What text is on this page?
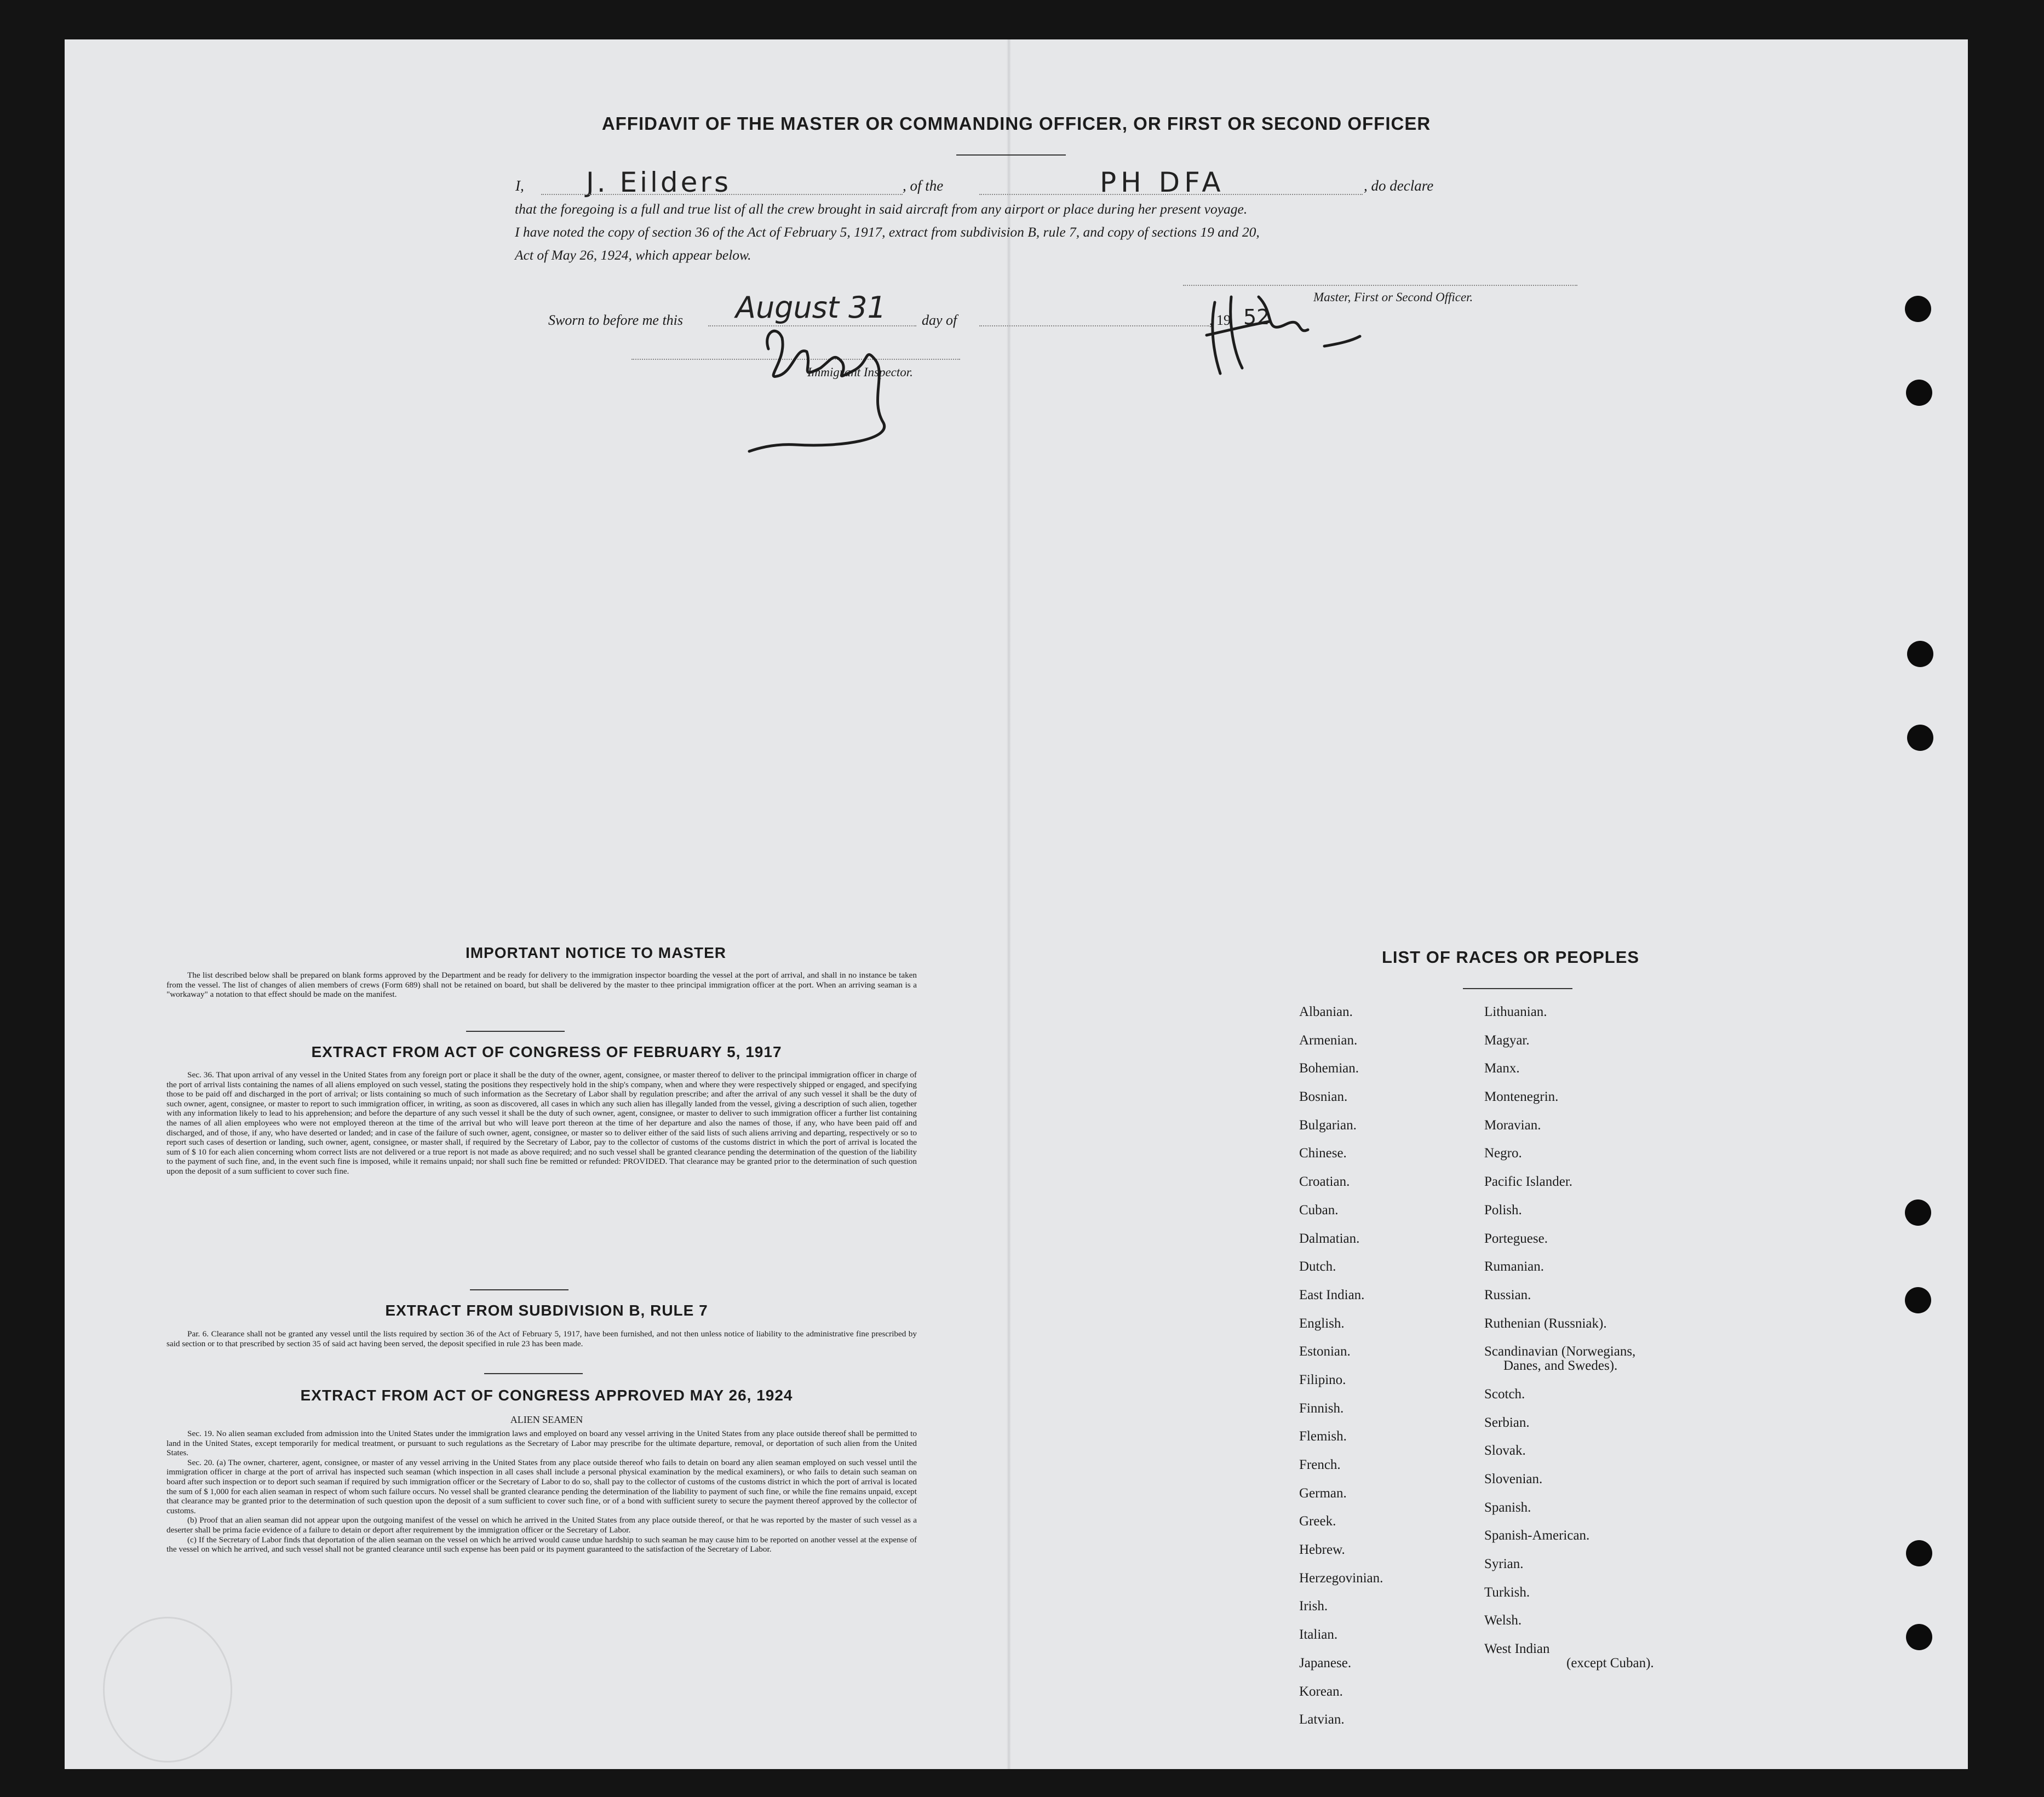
AFFIDAVIT OF THE MASTER OR COMMANDING OFFICER, OR FIRST OR SECOND OFFICER
I, J. Eilders	, of the	PH DFA	, do declare
that the foregoing is a full and true list of all the crew brought in said aircraft from any airport or place during her present voyage.
I have noted the copy of section 36 of the Act of February 5, 1917, extract from subdivision B, rule 7, and copy of sections 19 and 20,
Act of May 26, 1924, which appear below.
Master, First or Second Officer.
Sworn to before me this August 31	day of	, 19 52
Immigrant Inspector.
IMPORTANT NOTICE TO MASTER

The list described below shall be prepared on blank forms approved by the Department and be ready for delivery to the immigration inspector boarding the vessel at the port of arrival, and shall in no instance be taken from the vessel. The list of changes of alien members of crews (Form 689) shall not be retained on board, but shall be delivered by the master to thee principal immigration officer at the port. When an arriving seaman is a "workaway" a notation to that effect should be made on the manifest.

EXTRACT FROM ACT OF CONGRESS OF FEBRUARY 5, 1917

Sec. 36. That upon arrival of any vessel in the United States from any foreign port or place it shall be the duty of the owner, agent, consignee, or master thereof to deliver to the principal immigration officer in charge of the port of arrival lists containing the names of all aliens employed on such vessel, stating the positions they respectively hold in the ship's company, when and where they were respectively shipped or engaged, and specifying those to be paid off and discharged in the port of arrival; or lists containing so much of such information as the Secretary of Labor shall by regulation prescribe; and after the arrival of any such vessel it shall be the duty of such owner, agent, consignee, or master to report to such immigration officer, in writing, as soon as discovered, all cases in which any such alien has illegally landed from the vessel, giving a description of such alien, together with any information likely to lead to his apprehension; and before the departure of any such vessel it shall be the duty of such owner, agent, consignee, or master to deliver to such immigration officer a further list containing the names of all alien employees who were not employed thereon at the time of the arrival but who will leave port thereon at the time of her departure and also the names of those, if any, who have been paid off and discharged, and of those, if any, who have deserted or landed; and in case of the failure of such owner, agent, consignee, or master so to deliver either of the said lists of such aliens arriving and departing, respectively or so to report such cases of desertion or landing, such owner, agent, consignee, or master shall, if required by the Secretary of Labor, pay to the collector of customs of the customs district in which the port of arrival is located the sum of $ 10 for each alien concerning whom correct lists are not delivered or a true report is not made as above required; and no such vessel shall be granted clearance pending the determination of the question of the liability to the payment of such fine, and, in the event such fine is imposed, while it remains unpaid; nor shall such fine be remitted or refunded: PROVIDED. That clearance may be granted prior to the determination of such question upon the deposit of a sum sufficient to cover such fine.

EXTRACT FROM SUBDIVISION B, RULE 7

Par. 6. Clearance shall not be granted any vessel until the lists required by section 36 of the Act of February 5, 1917, have been furnished, and not then unless notice of liability to the administrative fine prescribed by said section or to that prescribed by section 35 of said act having been served, the deposit specified in rule 23 has been made.

EXTRACT FROM ACT OF CONGRESS APPROVED MAY 26, 1924
ALIEN SEAMEN

Sec. 19. No alien seaman excluded from admission into the United States under the immigration laws and employed on board any vessel arriving in the United States from any place outside thereof shall be permitted to land in the United States, except temporarily for medical treatment, or pursuant to such regulations as the Secretary of Labor may prescribe for the ultimate departure, removal, or deportation of such alien from the United States.

Sec. 20. (a) The owner, charterer, agent, consignee, or master of any vessel arriving in the United States from any place outside thereof who fails to detain on board any alien seaman employed on such vessel until the immigration officer in charge at the port of arrival has inspected such seaman (which inspection in all cases shall include a personal physical examination by the medical examiners), or who fails to detain such seaman on board after such inspection or to deport such seaman if required by such immigration officer or the Secretary of Labor to do so, shall pay to the collector of customs of the customs district in which the port of arrival is located the sum of $ 1,000 for each alien seaman in respect of whom such failure occurs. No vessel shall be granted clearance pending the determination of the liability to payment of such fine, or while the fine remains unpaid, except that clearance may be granted prior to the determination of such question upon the deposit of a sum sufficient to cover such fine, or of a bond with sufficient surety to secure the payment thereof approved by the collector of customs.

(b) Proof that an alien seaman did not appear upon the outgoing manifest of the vessel on which he arrived in the United States from any place outside thereof, or that he was reported by the master of such vessel as a deserter shall be prima facie evidence of a failure to detain or deport after requirement by the immigration officer or the Secretary of Labor.

(c) If the Secretary of Labor finds that deportation of the alien seaman on the vessel on which he arrived would cause undue hardship to such seaman he may cause him to be reported on another vessel at the expense of the vessel on which he arrived, and such vessel shall not be granted clearance until such expense has been paid or its payment guaranteed to the satisfaction of the Secretary of Labor.

LIST OF RACES OR PEOPLES
Albanian.
Armenian.
Bohemian.
Bosnian.
Bulgarian.
Chinese.
Croatian.
Cuban.
Dalmatian.
Dutch.
East Indian.
English.
Estonian.
Filipino.
Finnish.
Flemish.
French.
German.
Greek.
Hebrew.
Herzegovinian.
Irish.
Italian.
Japanese.
Korean.
Latvian.
Lithuanian.
Magyar.
Manx.
Montenegrin.
Moravian.
Negro.
Pacific Islander.
Polish.
Porteguese.
Rumanian.
Russian.
Ruthenian (Russniak).
Scandinavian (Norwegians,
Danes, and Swedes).
Scotch.
Serbian.
Slovak.
Slovenian.
Spanish.
Spanish-American.
Syrian.
Turkish.
Welsh.
West Indian
(except Cuban).
